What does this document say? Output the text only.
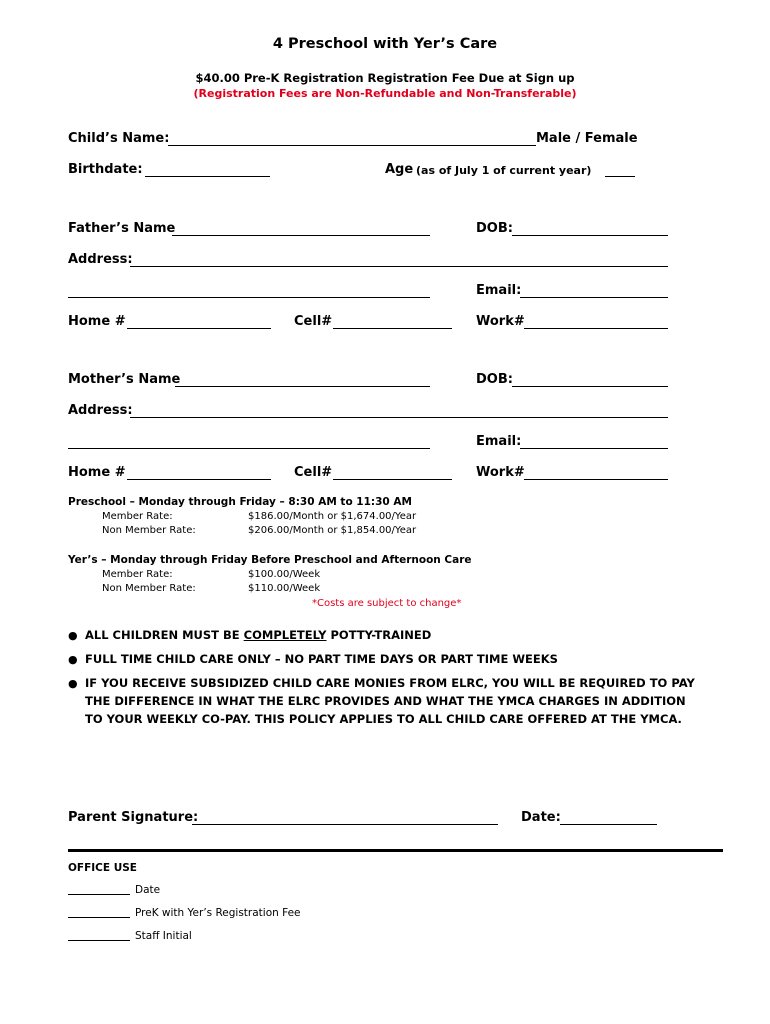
4 Preschool with Yer’s Care
$40.00 Pre-K Registration Registration Fee Due at Sign up
(Registration Fees are Non-Refundable and Non-Transferable)
Child’s Name:	Male / Female
Birthdate:	Age (as of July 1 of current year)
Father’s Name	DOB:
Address:
Email:
Home #	Cell#	Work#
Mother’s Name	DOB:
Address:
Email:
Home #	Cell#	Work#
Preschool – Monday through Friday – 8:30 AM to 11:30 AM
Member Rate:	$186.00/Month or $1,674.00/Year
Non Member Rate:	$206.00/Month or $1,854.00/Year
Yer’s – Monday through Friday Before Preschool and Afternoon Care
Member Rate:	$100.00/Week
Non Member Rate:	$110.00/Week
*Costs are subject to change*
● ALL CHILDREN MUST BE COMPLETELY POTTY-TRAINED
● FULL TIME CHILD CARE ONLY – NO PART TIME DAYS OR PART TIME WEEKS
● IF YOU RECEIVE SUBSIDIZED CHILD CARE MONIES FROM ELRC, YOU WILL BE REQUIRED TO PAY
THE DIFFERENCE IN WHAT THE ELRC PROVIDES AND WHAT THE YMCA CHARGES IN ADDITION
TO YOUR WEEKLY CO-PAY. THIS POLICY APPLIES TO ALL CHILD CARE OFFERED AT THE YMCA.
Parent Signature:	Date:
OFFICE USE
Date
PreK with Yer’s Registration Fee
Staff Initial
